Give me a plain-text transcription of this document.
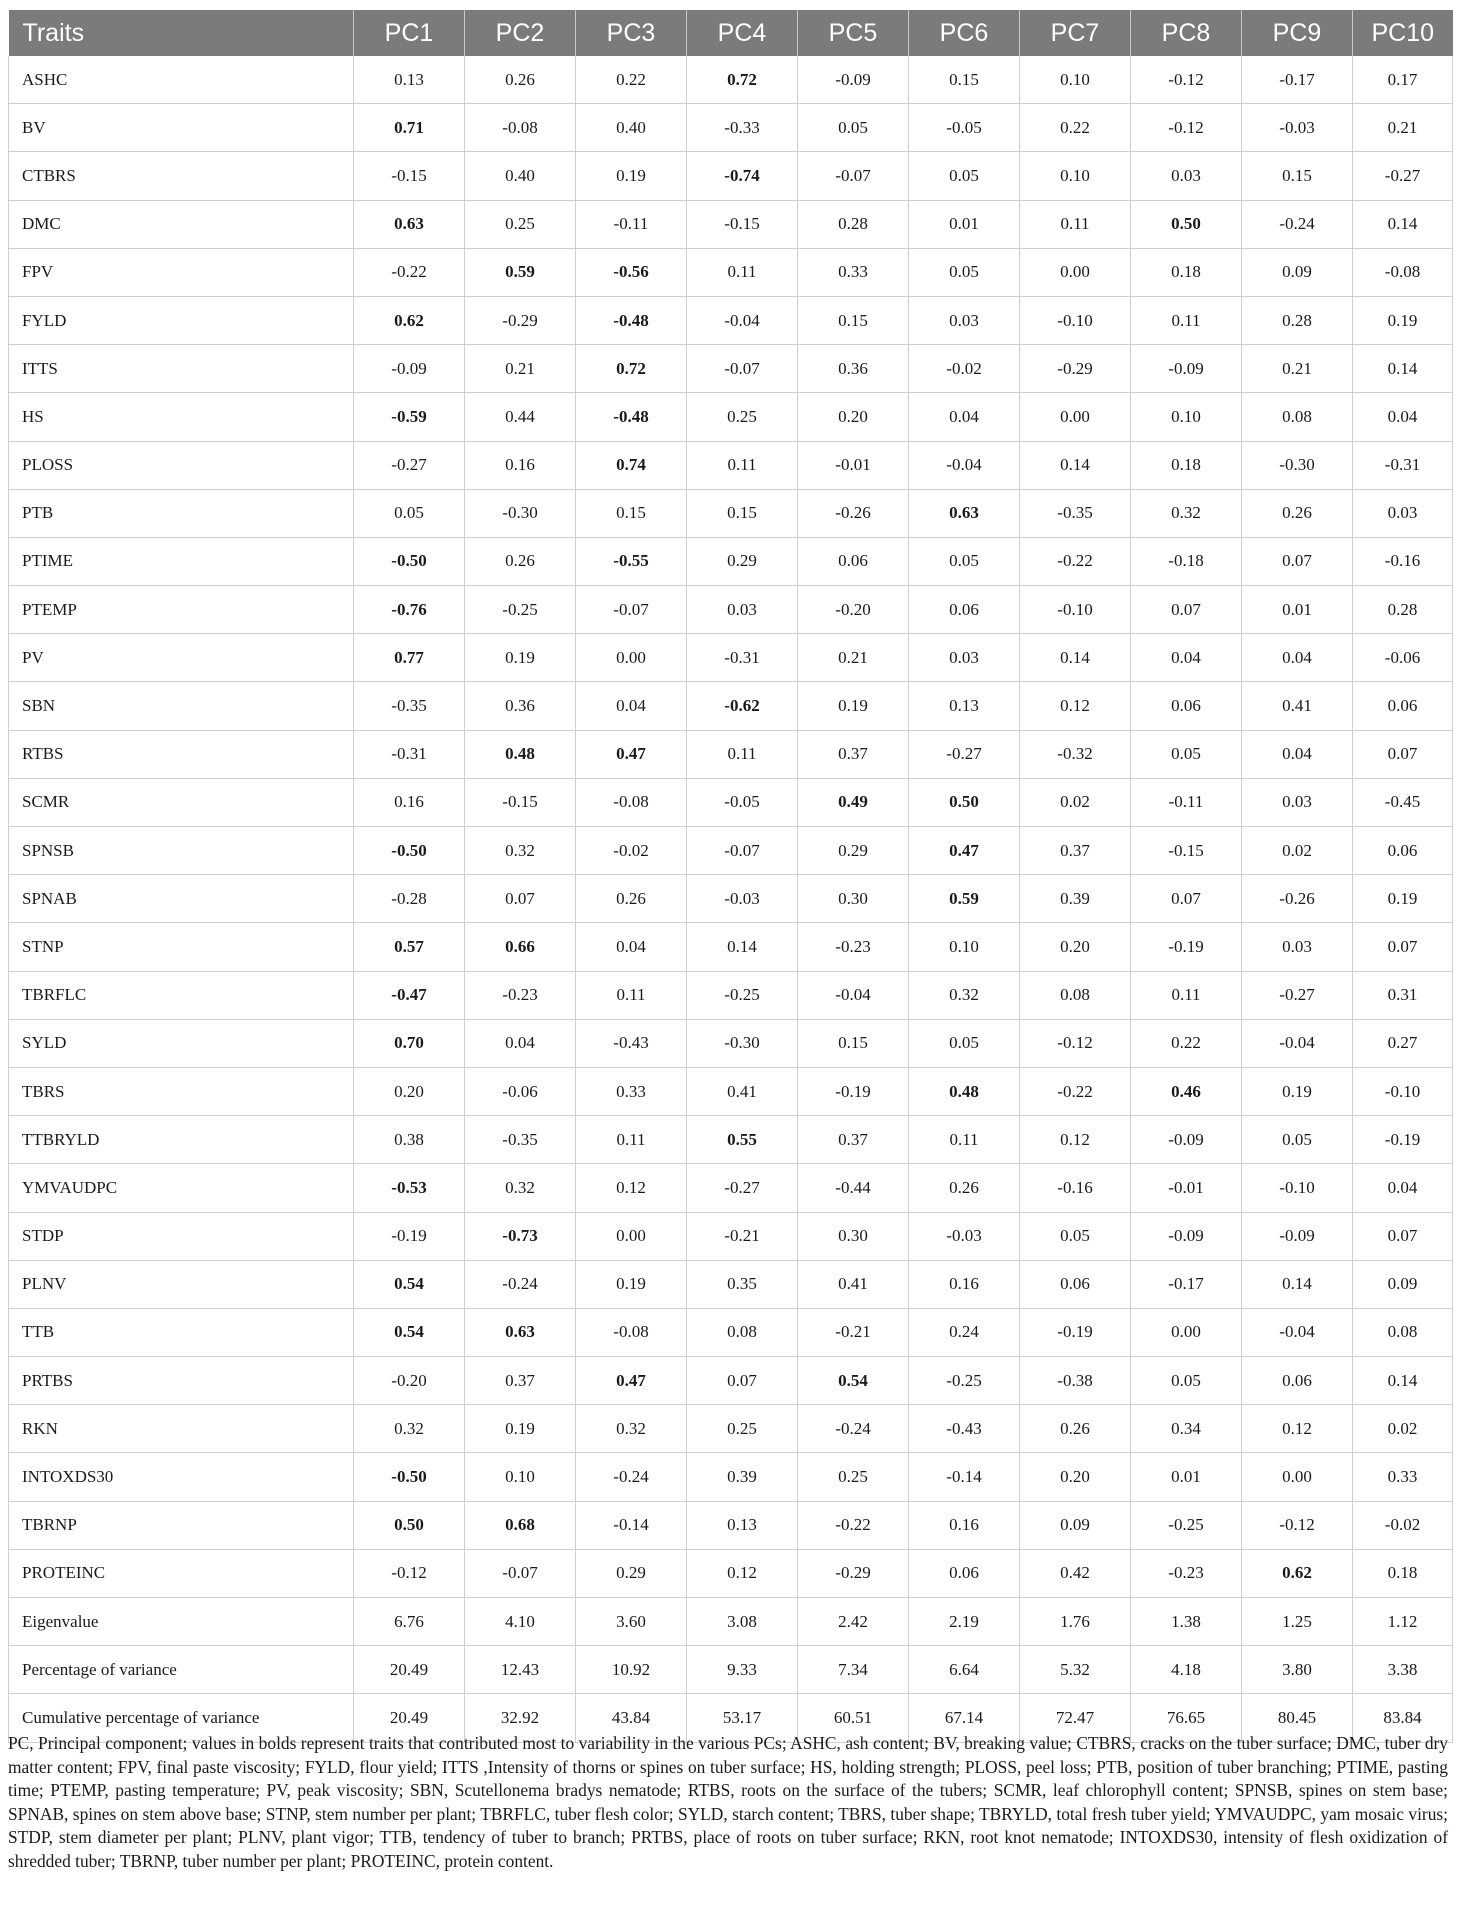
Traits	PC1	PC2	PC3	PC4	PC5	PC6	PC7	PC8	PC9	PC10
ASHC	0.13	0.26	0.22	0.72	-0.09	0.15	0.10	-0.12	-0.17	0.17
BV	0.71	-0.08	0.40	-0.33	0.05	-0.05	0.22	-0.12	-0.03	0.21
CTBRS	-0.15	0.40	0.19	-0.74	-0.07	0.05	0.10	0.03	0.15	-0.27
DMC	0.63	0.25	-0.11	-0.15	0.28	0.01	0.11	0.50	-0.24	0.14
FPV	-0.22	0.59	-0.56	0.11	0.33	0.05	0.00	0.18	0.09	-0.08
FYLD	0.62	-0.29	-0.48	-0.04	0.15	0.03	-0.10	0.11	0.28	0.19
ITTS	-0.09	0.21	0.72	-0.07	0.36	-0.02	-0.29	-0.09	0.21	0.14
HS	-0.59	0.44	-0.48	0.25	0.20	0.04	0.00	0.10	0.08	0.04
PLOSS	-0.27	0.16	0.74	0.11	-0.01	-0.04	0.14	0.18	-0.30	-0.31
PTB	0.05	-0.30	0.15	0.15	-0.26	0.63	-0.35	0.32	0.26	0.03
PTIME	-0.50	0.26	-0.55	0.29	0.06	0.05	-0.22	-0.18	0.07	-0.16
PTEMP	-0.76	-0.25	-0.07	0.03	-0.20	0.06	-0.10	0.07	0.01	0.28
PV	0.77	0.19	0.00	-0.31	0.21	0.03	0.14	0.04	0.04	-0.06
SBN	-0.35	0.36	0.04	-0.62	0.19	0.13	0.12	0.06	0.41	0.06
RTBS	-0.31	0.48	0.47	0.11	0.37	-0.27	-0.32	0.05	0.04	0.07
SCMR	0.16	-0.15	-0.08	-0.05	0.49	0.50	0.02	-0.11	0.03	-0.45
SPNSB	-0.50	0.32	-0.02	-0.07	0.29	0.47	0.37	-0.15	0.02	0.06
SPNAB	-0.28	0.07	0.26	-0.03	0.30	0.59	0.39	0.07	-0.26	0.19
STNP	0.57	0.66	0.04	0.14	-0.23	0.10	0.20	-0.19	0.03	0.07
TBRFLC	-0.47	-0.23	0.11	-0.25	-0.04	0.32	0.08	0.11	-0.27	0.31
SYLD	0.70	0.04	-0.43	-0.30	0.15	0.05	-0.12	0.22	-0.04	0.27
TBRS	0.20	-0.06	0.33	0.41	-0.19	0.48	-0.22	0.46	0.19	-0.10
TTBRYLD	0.38	-0.35	0.11	0.55	0.37	0.11	0.12	-0.09	0.05	-0.19
YMVAUDPC	-0.53	0.32	0.12	-0.27	-0.44	0.26	-0.16	-0.01	-0.10	0.04
STDP	-0.19	-0.73	0.00	-0.21	0.30	-0.03	0.05	-0.09	-0.09	0.07
PLNV	0.54	-0.24	0.19	0.35	0.41	0.16	0.06	-0.17	0.14	0.09
TTB	0.54	0.63	-0.08	0.08	-0.21	0.24	-0.19	0.00	-0.04	0.08
PRTBS	-0.20	0.37	0.47	0.07	0.54	-0.25	-0.38	0.05	0.06	0.14
RKN	0.32	0.19	0.32	0.25	-0.24	-0.43	0.26	0.34	0.12	0.02
INTOXDS30	-0.50	0.10	-0.24	0.39	0.25	-0.14	0.20	0.01	0.00	0.33
TBRNP	0.50	0.68	-0.14	0.13	-0.22	0.16	0.09	-0.25	-0.12	-0.02
PROTEINC	-0.12	-0.07	0.29	0.12	-0.29	0.06	0.42	-0.23	0.62	0.18
Eigenvalue	6.76	4.10	3.60	3.08	2.42	2.19	1.76	1.38	1.25	1.12
Percentage of variance	20.49	12.43	10.92	9.33	7.34	6.64	5.32	4.18	3.80	3.38
Cumulative percentage of variance	20.49	32.92	43.84	53.17	60.51	67.14	72.47	76.65	80.45	83.84
PC, Principal component; values in bolds represent traits that contributed most to variability in the various PCs; ASHC, ash content; BV, breaking value; CTBRS, cracks on the tuber surface; DMC, tuber dry matter content; FPV, final paste viscosity; FYLD, flour yield; ITTS ,Intensity of thorns or spines on tuber surface; HS, holding strength; PLOSS, peel loss; PTB, position of tuber branching; PTIME, pasting time; PTEMP, pasting temperature; PV, peak viscosity; SBN, Scutellonema bradys nematode; RTBS, roots on the surface of the tubers; SCMR, leaf chlorophyll content; SPNSB, spines on stem base; SPNAB, spines on stem above base; STNP, stem number per plant; TBRFLC, tuber flesh color; SYLD, starch content; TBRS, tuber shape; TBRYLD, total fresh tuber yield; YMVAUDPC, yam mosaic virus; STDP, stem diameter per plant; PLNV, plant vigor; TTB, tendency of tuber to branch; PRTBS, place of roots on tuber surface; RKN, root knot nematode; INTOXDS30, intensity of flesh oxidization of shredded tuber; TBRNP, tuber number per plant; PROTEINC, protein content.
